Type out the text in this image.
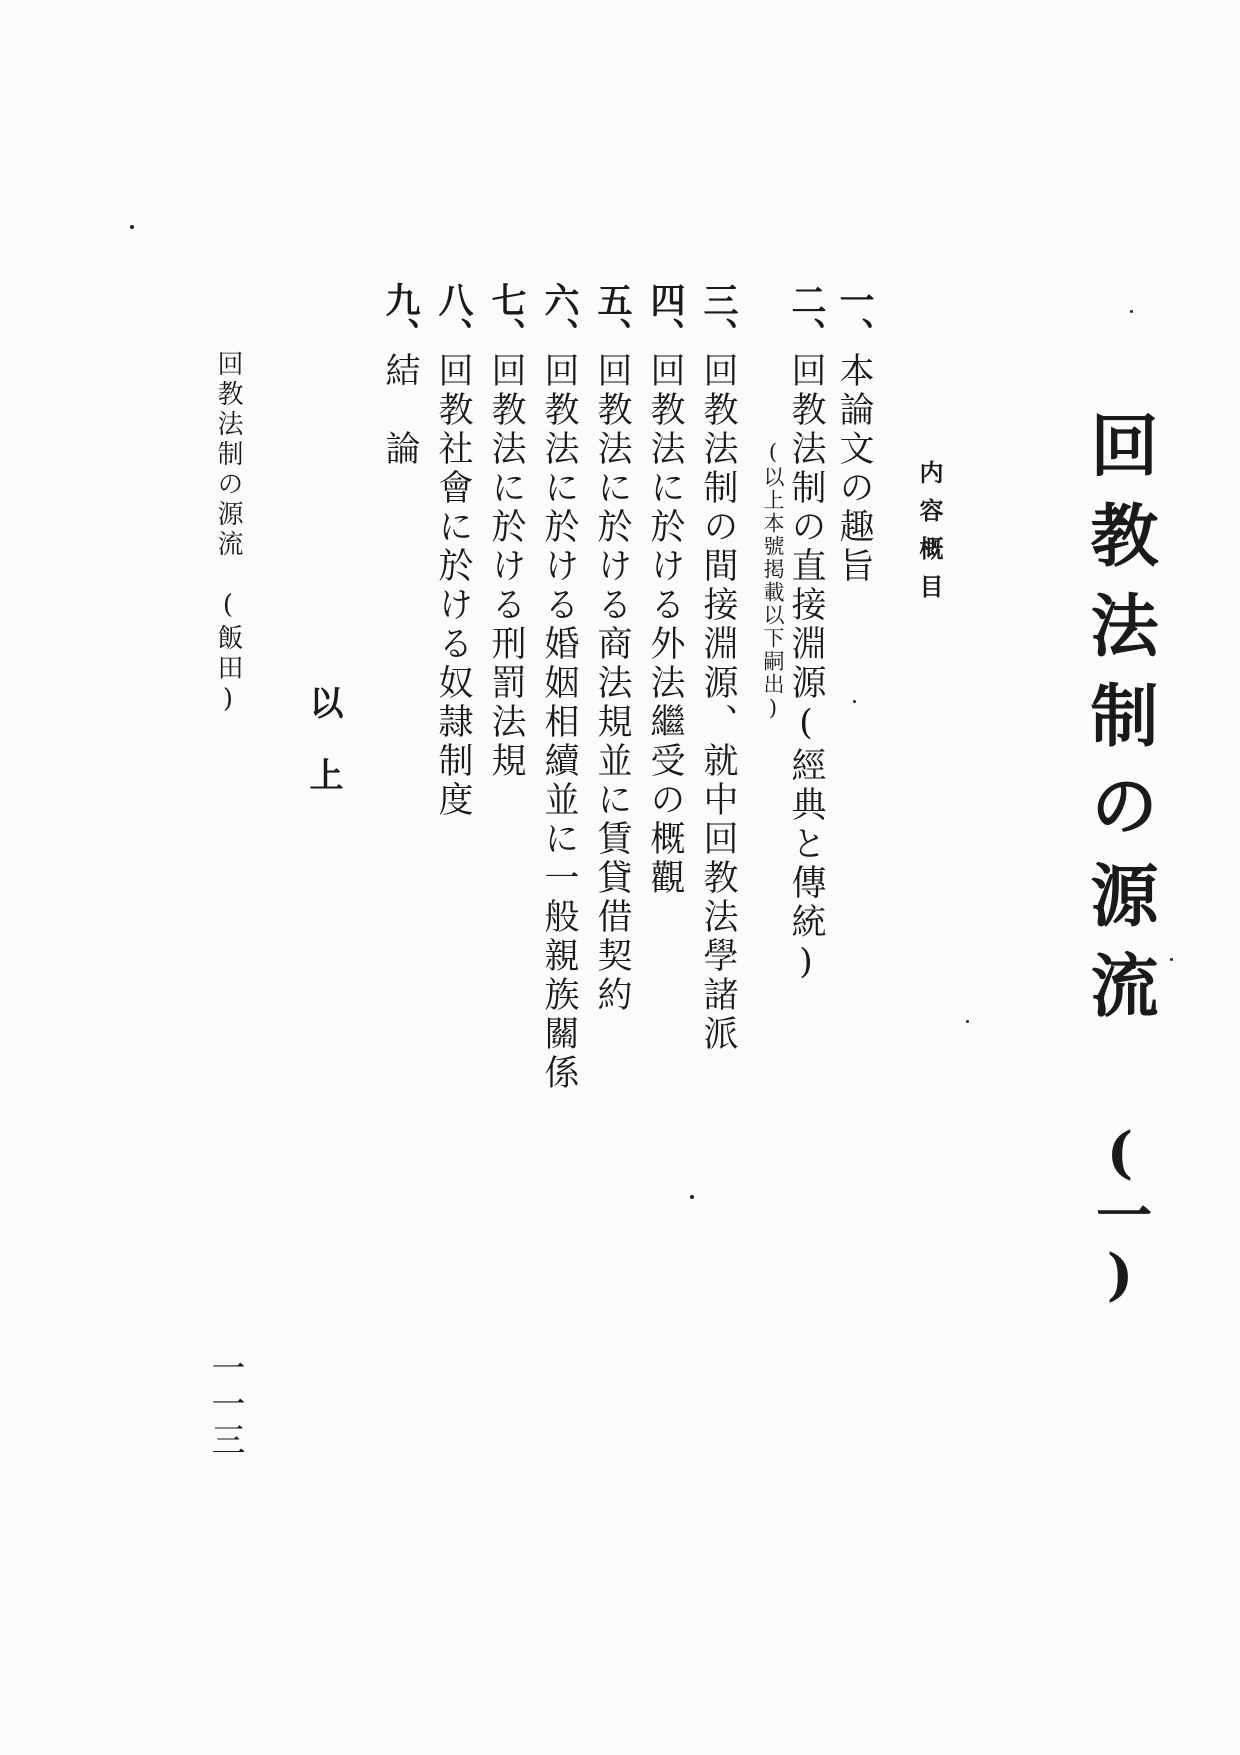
回教法制の源流
(一)
内容概目
一、本論文の趣旨
二、回教法制の直接淵源(經典と傳統)
(以上本號掲載以下嗣出)
三、回教法制の間接淵源、就中回教法學諸派
四、回教法に於ける外法繼受の概觀
五、回教法に於ける商法規並に賃貸借契約
六、回教法に於ける婚姻相續並に一般親族關係
七、回教法に於ける刑罰法規
八、回教社會に於ける奴隷制度
九、結　論
以上
回教法制の源流　(飯田)
一一三
